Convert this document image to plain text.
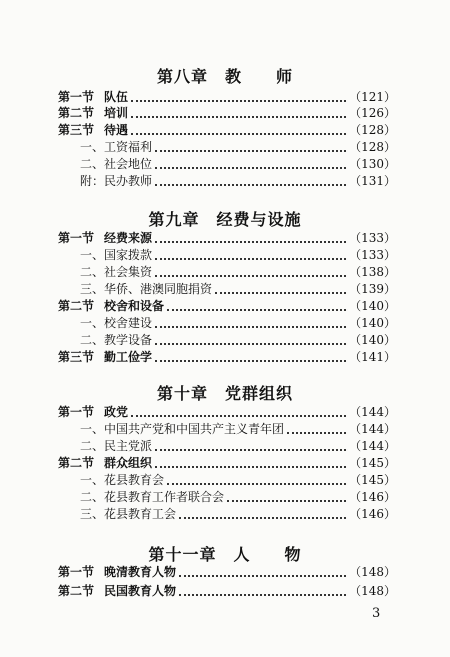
第八章　教　　师
第一节 队伍	（121）
第二节 培训	（126）
第三节 待遇	（128）
一、工资福利	（128）
二、社会地位	（130）
附：民办教师	（131）
第九章　经费与设施
第一节 经费来源	（133）
一、国家拨款	（133）
二、社会集资	（138）
三、华侨、港澳同胞捐资	（139）
第二节 校舍和设备	（140）
一、校舍建设	（140）
二、教学设备	（140）
第三节 勤工俭学	（141）
第十章　党群组织
第一节 政党	（144）
一、中国共产党和中国共产主义青年团	（144）
二、民主党派	（144）
第二节 群众组织	（145）
一、花县教育会	（145）
二、花县教育工作者联合会	（146）
三、花县教育工会	（146）
第十一章　人　　物
第一节 晚清教育人物	（148）
第二节 民国教育人物	（148）
3
